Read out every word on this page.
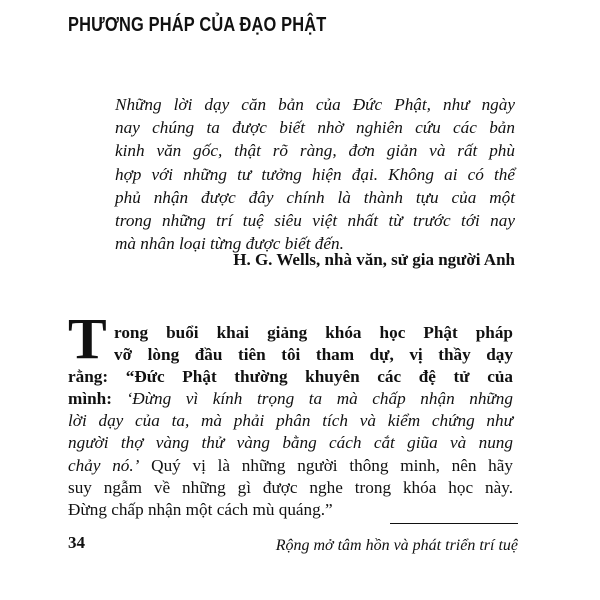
PHƯƠNG PHÁP CỦA ĐẠO PHẬT
Những lời dạy căn bản của Đức Phật, như ngày
nay chúng ta được biết nhờ nghiên cứu các bản
kinh văn gốc, thật rõ ràng, đơn giản và rất phù
hợp với những tư tưởng hiện đại. Không ai có thể
phủ nhận được đây chính là thành tựu của một
trong những trí tuệ siêu việt nhất từ trước tới nay
mà nhân loại từng được biết đến.

H. G. Wells, nhà văn, sử gia người Anh

T rong buổi khai giảng khóa học Phật pháp
vỡ lòng đầu tiên tôi tham dự, vị thầy dạy
rằng: “Đức Phật thường khuyên các đệ tử của
mình: ‘Đừng vì kính trọng ta mà chấp nhận những
lời dạy của ta, mà phải phân tích và kiểm chứng như
người thợ vàng thử vàng bằng cách cắt giũa và nung
chảy nó.’ Quý vị là những người thông minh, nên hãy
suy ngẫm về những gì được nghe trong khóa học này.
Đừng chấp nhận một cách mù quáng.”

34	Rộng mở tâm hồn và phát triển trí tuệ
